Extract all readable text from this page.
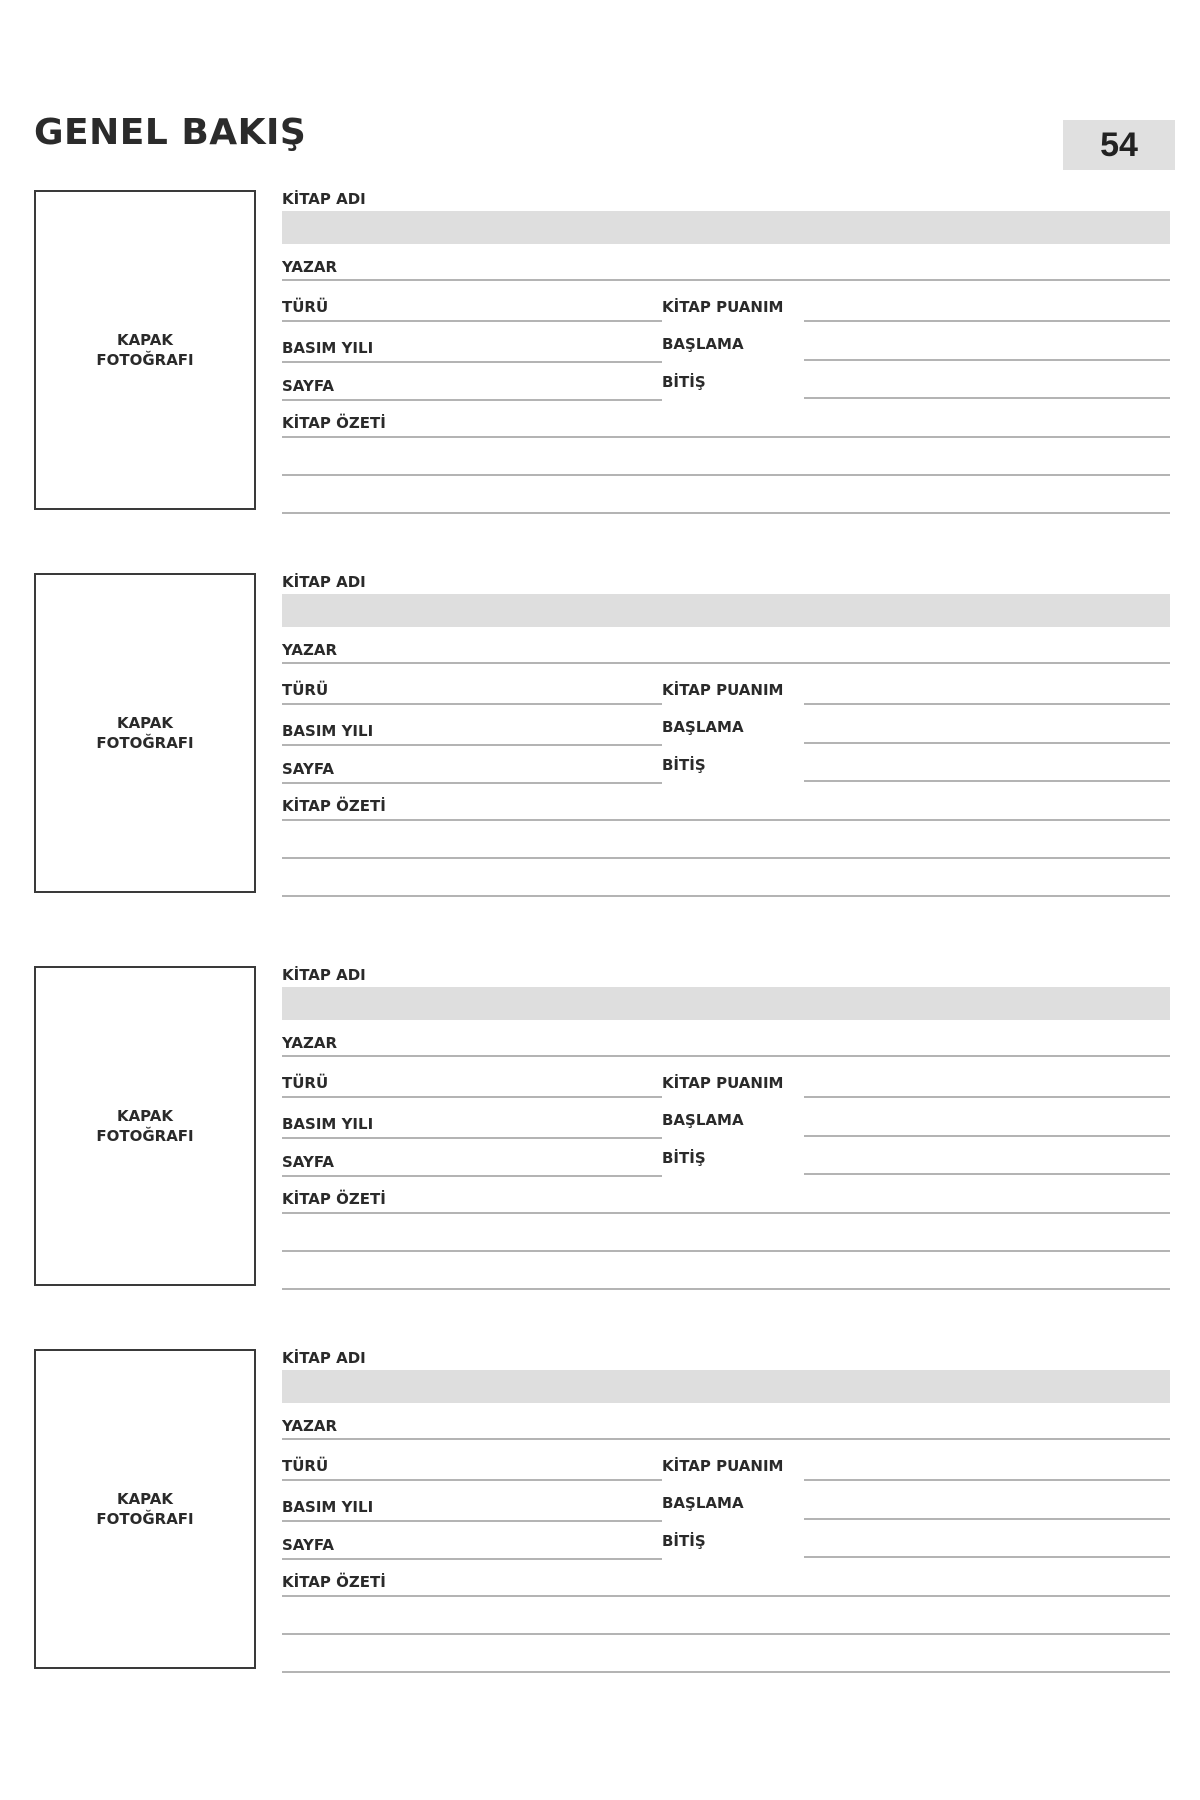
GENEL BAKIŞ	54
KAPAK
FOTOĞRAFI
KİTAP ADI
YAZAR
TÜRÜ	KİTAP PUANIM
BASIM YILI	BAŞLAMA
SAYFA	BİTİŞ
KİTAP ÖZETİ
KAPAK
FOTOĞRAFI
KİTAP ADI
YAZAR
TÜRÜ	KİTAP PUANIM
BASIM YILI	BAŞLAMA
SAYFA	BİTİŞ
KİTAP ÖZETİ
KAPAK
FOTOĞRAFI
KİTAP ADI
YAZAR
TÜRÜ	KİTAP PUANIM
BASIM YILI	BAŞLAMA
SAYFA	BİTİŞ
KİTAP ÖZETİ
KAPAK
FOTOĞRAFI
KİTAP ADI
YAZAR
TÜRÜ	KİTAP PUANIM
BASIM YILI	BAŞLAMA
SAYFA	BİTİŞ
KİTAP ÖZETİ
